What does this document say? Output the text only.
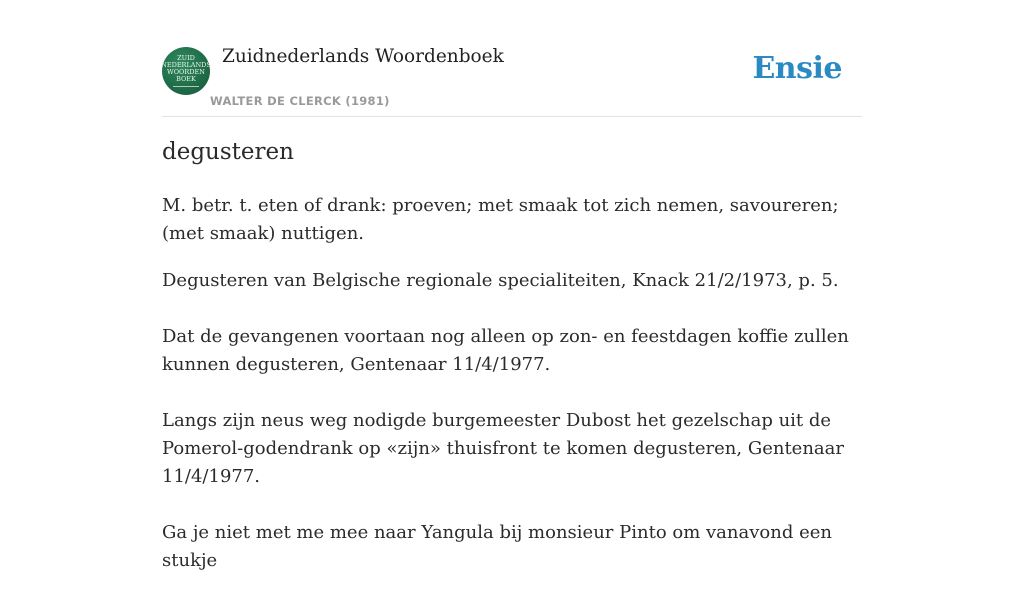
ZUID
NEDERLANDS
WOORDEN
BOEK
Zuidnederlands Woordenboek
WALTER DE CLERCK (1981)
Ensie
degusteren

M. betr. t. eten of drank: proeven; met smaak tot zich nemen, savoureren; (met smaak) nuttigen.

Degusteren van Belgische regionale specialiteiten, Knack 21/2/1973, p. 5.
Dat de gevangenen voortaan nog alleen op zon- en feestdagen koffie zullen kunnen degusteren, Gentenaar 11/4/1977.
Langs zijn neus weg nodigde burgemeester Dubost het gezelschap uit de Pomerol-godendrank op «zijn» thuisfront te komen degusteren, Gentenaar 11/4/1977.
Ga je niet met me mee naar Yangula bij monsieur Pinto om vanavond een stukje
